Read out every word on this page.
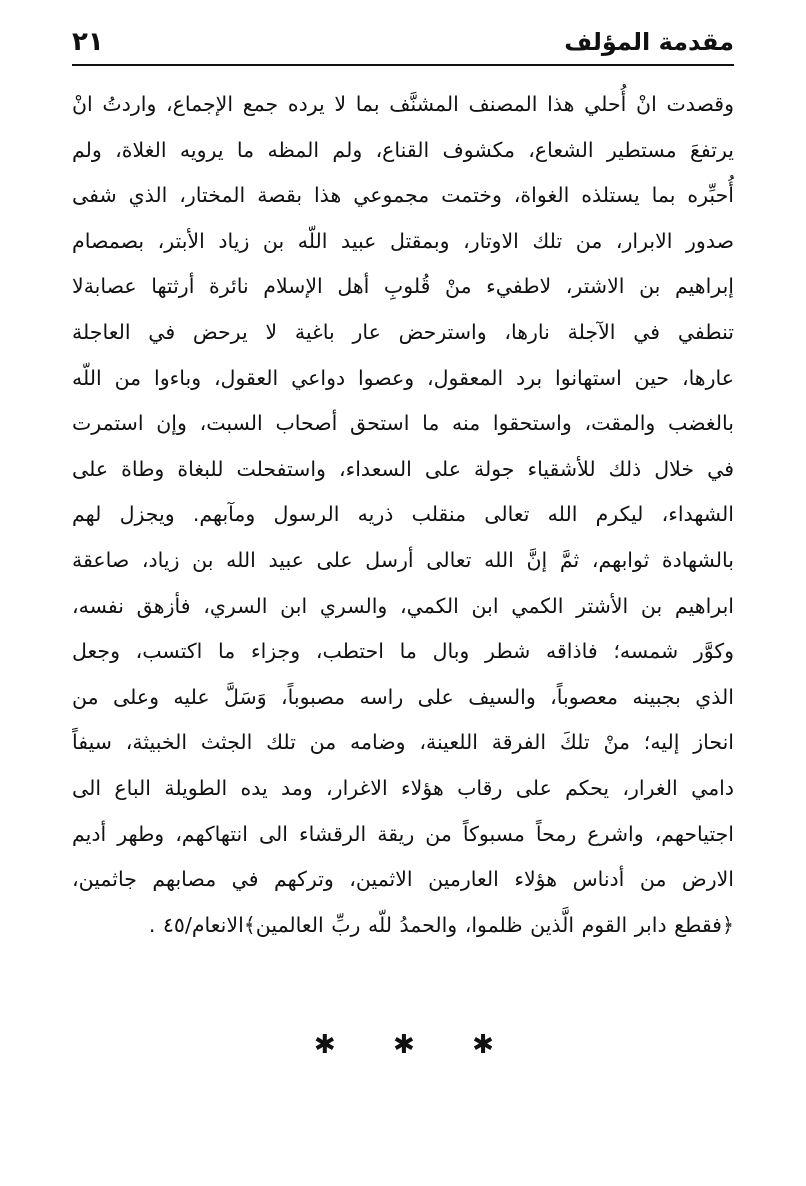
مقدمة المؤلف
٢١
وقصدت انْ أُحلي هذا المصنف المشنَّف بما لا يرده جمع الإجماع، واردتُ انْ
يرتفعَ مستطير الشعاع، مكشوف القناع، ولم المظه ما يرويه الغلاة، ولم
أُحبِّره بما يستلذه الغواة، وختمت مجموعي هذا بقصة المختار، الذي شفى
صدور الابرار، من تلك الاوتار، وبمقتل عبيد اللّه بن زياد الأبتر، بصمصام
إبراهيم بن الاشتر، لاطفيء منْ قُلوبِ أهل الإسلام نائرة أرثتها عصابةلا
تنطفي في الآجلة نارها، واسترحض عار باغية لا يرحض في العاجلة
عارها، حين استهانوا برد المعقول، وعصوا دواعي العقول، وباءوا من اللّه
بالغضب والمقت، واستحقوا منه ما استحق أصحاب السبت، وإن استمرت
في خلال ذلك للأشقياء جولة على السعداء، واستفحلت للبغاة وطاة على
الشهداء، ليكرم الله تعالى منقلب ذريه الرسول ومآبهم. ويجزل لهم
بالشهادة ثوابهم، ثمَّ إنَّ الله تعالى أرسل على عبيد الله بن زياد، صاعقة
ابراهيم بن الأشتر الكمي ابن الكمي، والسري ابن السري، فأزهق نفسه،
وكوَّر شمسه؛ فاذاقه شطر وبال ما احتطب، وجزاء ما اكتسب، وجعل
الذي بجبينه معصوباً، والسيف على راسه مصبوباً، وَسَلَّ عليه وعلى من
انحاز إليه؛ منْ تلكَ الفرقة اللعينة، وضامه من تلك الجثث الخبيثة، سيفاً
دامي الغرار، يحكم على رقاب هؤلاء الاغرار، ومد يده الطويلة الباع الى
اجتياحهم، واشرع رمحاً مسبوكاً من ريقة الرقشاء الى انتهاكهم، وطهر أديم
الارض من أدناس هؤلاء العارمين الاثمين، وتركهم في مصابهم جاثمين،
﴿فقطع دابر القوم الَّذين ظلموا، والحمدُ للّه ربِّ العالمين﴾الانعام/٤٥ .
✱ ✱ ✱
